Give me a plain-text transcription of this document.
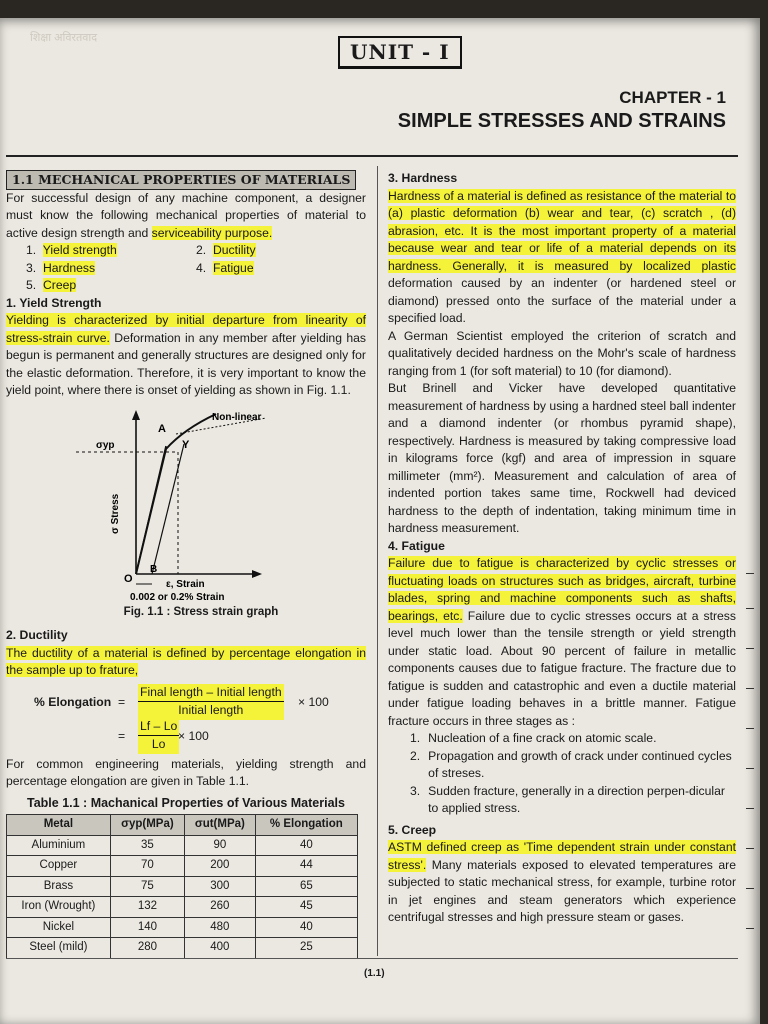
शिक्षा अविरतवाद
UNIT - I
CHAPTER - 1
SIMPLE STRESSES AND STRAINS
1.1 MECHANICAL PROPERTIES OF MATERIALS

For successful design of any machine component, a designer must know the following mechanical properties of material to active design strength and serviceability purpose.

1. Yield strength	2. Ductility
3. Hardness	4. Fatigue
5. Creep
1. Yield Strength

Yielding is characterized by initial departure from linearity of stress-strain curve. Deformation in any member after yielding has begun is permanent and generally structures are designed only for the elastic deformation. Therefore, it is very important to know the yield point, where there is onset of yielding as shown in Fig. 1.1.

Non-linear
A
Y
σyp
σ Stress
O
B
ε, Strain
0.002 or 0.2% Strain
Fig. 1.1 : Stress strain graph
2. Ductility

The ductility of a material is defined by percentage elongation in the sample up to frature,

% Elongation =
Final length – Initial length
Initial length
× 100
= $\frac{Lf - Lo}{Lo}$
× 100

For common engineering materials, yielding strength and percentage elongation are given in Table 1.1.

Table 1.1 : Machanical Properties of Various Materials
Metal	σyp(MPa)	σut(MPa)	% Elongation
Aluminium	35	90	40
Copper	70	200	44
Brass	75	300	65
Iron (Wrought)	132	260	45
Nickel	140	480	40
Steel (mild)	280	400	25
3. Hardness

Hardness of a material is defined as resistance of the material to (a) plastic deformation (b) wear and tear, (c) scratch , (d) abrasion, etc. It is the most important property of a material because wear and tear or life of a material depends on its hardness. Generally, it is measured by localized plastic deformation caused by an indenter (or hardened steel or diamond) pressed onto the surface of the material under a specified load.

A German Scientist employed the criterion of scratch and qualitatively decided hardness on the Mohr's scale of hardness ranging from 1 (for soft material) to 10 (for diamond).

But Brinell and Vicker have developed quantitative measurement of hardness by using a hardned steel ball indenter and a diamond indenter (or rhombus pyramid shape), respectively. Hardness is measured by taking compressive load in kilograms force (kgf) and area of impression in square millimeter (mm²). Measurement and calculation of area of indented portion takes same time, Rockwell had deviced hardness to the depth of indentation, taking minimum time in hardness measurement.

4. Fatigue

Failure due to fatigue is characterized by cyclic stresses or fluctuating loads on structures such as bridges, aircraft, turbine blades, spring and machine components such as shafts, bearings, etc. Failure due to cyclic stresses occurs at a stress level much lower than the tensile strength or yield strength under static load. About 90 percent of failure in metallic components causes due to fatigue fracture. The fracture due to fatigue is sudden and catastrophic and even a ductile material under fatigue loading behaves in a brittle manner. Fatigue fracture occurs in three stages as :

1. Nucleation of a fine crack on atomic scale.
2. Propagation and growth of crack under continued cycles of streses.
3. Sudden fracture, generally in a direction perpen-dicular to applied stress.
5. Creep

ASTM defined creep as 'Time dependent strain under constant stress'. Many materials exposed to elevated temperatures are subjected to static mechanical stress, for example, turbine rotor in jet engines and steam generators which experience centrifugal stresses and high pressure steam or gases.

(1.1)
